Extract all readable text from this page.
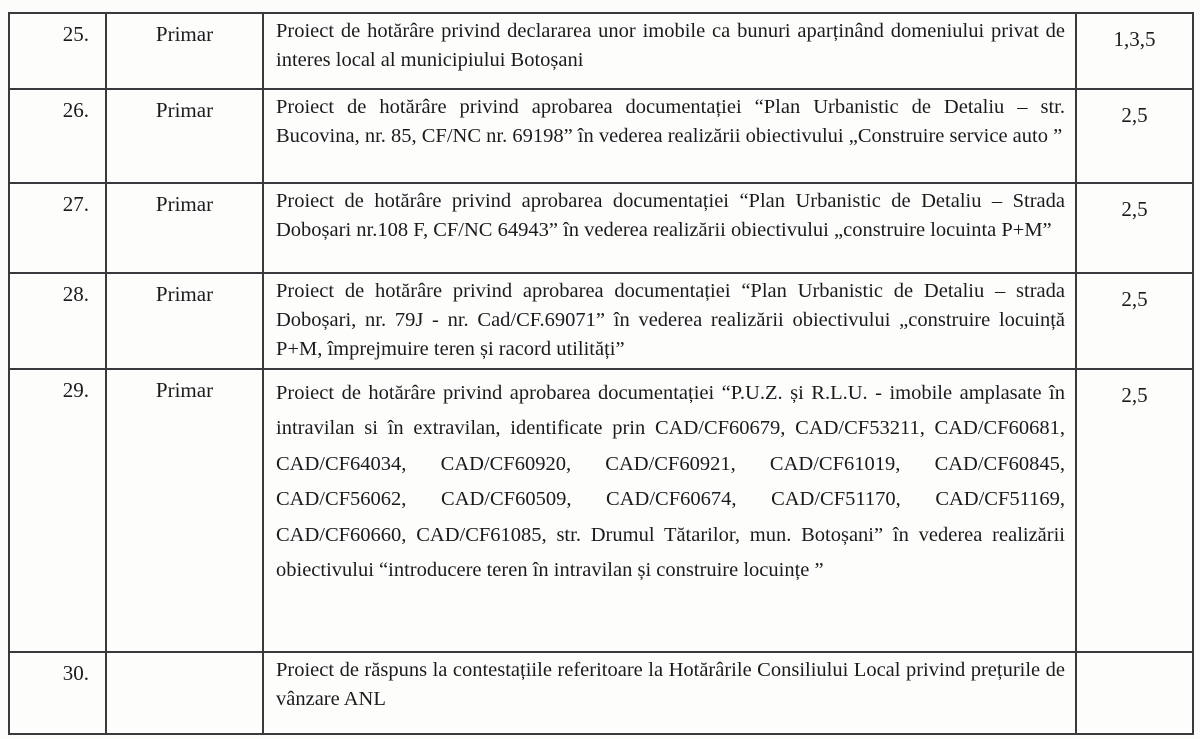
25.	Primar	Proiect de hotărâre privind declararea unor imobile ca bunuri aparținând domeniului privat de interes local al municipiului Botoșani	1,3,5
26.	Primar	Proiect de hotărâre privind aprobarea documentației “Plan Urbanistic de Detaliu – str. Bucovina, nr. 85, CF/NC nr. 69198” în vederea realizării obiectivului „Construire service auto ”	2,5
27.	Primar	Proiect de hotărâre privind aprobarea documentației “Plan Urbanistic de Detaliu – Strada Doboșari nr.108 F, CF/NC 64943” în vederea realizării obiectivului „construire locuinta P+M”	2,5
28.	Primar	Proiect de hotărâre privind aprobarea documentației “Plan Urbanistic de Detaliu – strada Doboșari, nr. 79J - nr. Cad/CF.69071” în vederea realizării obiectivului „construire locuință P+M, împrejmuire teren și racord utilități”	2,5
29.	Primar	Proiect de hotărâre privind aprobarea documentației “P.U.Z. și R.L.U. - imobile amplasate în intravilan si în extravilan, identificate prin CAD/CF60679, CAD/CF53211, CAD/CF60681, CAD/CF64034, CAD/CF60920, CAD/CF60921, CAD/CF61019, CAD/CF60845, CAD/CF56062, CAD/CF60509, CAD/CF60674, CAD/CF51170, CAD/CF51169, CAD/CF60660, CAD/CF61085, str. Drumul Tătarilor, mun. Botoșani” în vederea realizării obiectivului “introducere teren în intravilan și construire locuințe ”	2,5
30.		Proiect de răspuns la contestațiile referitoare la Hotărârile Consiliului Local privind prețurile de vânzare ANL	
